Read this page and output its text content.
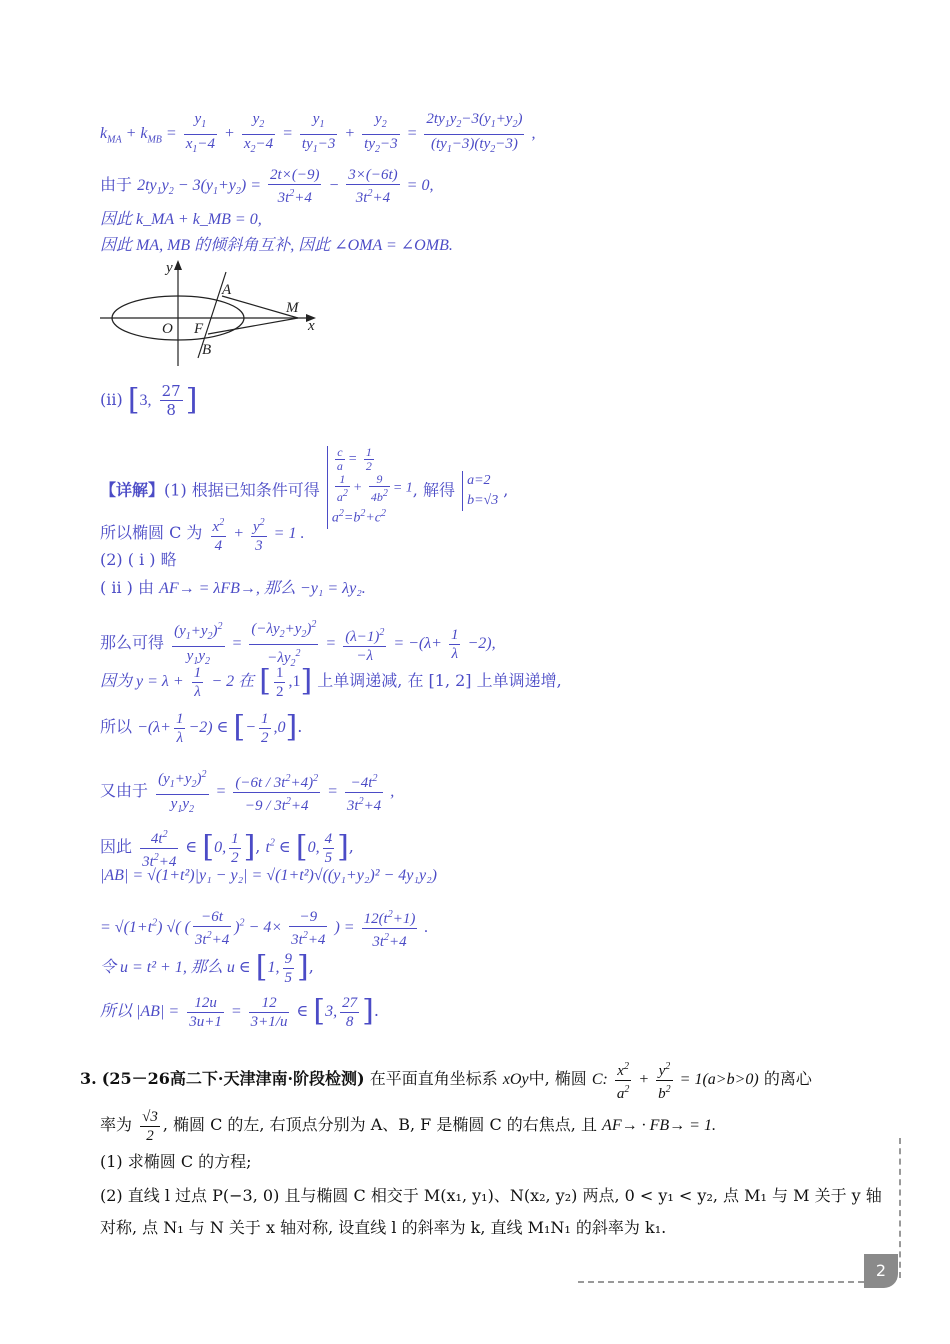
$k_{MA} + k_{MB} = \frac{y_1}{x_1-4} + \frac{y_2}{x_2-4} = \frac{y_1}{ty_1-3} + \frac{y_2}{ty_2-3} = \frac{2ty_1y_2-3(y_1+y_2)}{(ty_1-3)(ty_2-3)}$ ,
由于 $2ty_1y_2 - 3(y_1+y_2) = \frac{2t\times(-9)}{3t^2+4} - \frac{3\times(-6t)}{3t^2+4} = 0$,
因此 k_MA + k_MB = 0,
因此 MA, MB 的倾斜角互补, 因此 ∠OMA = ∠OMB.
y
x
O F
A
B
M
(ⅱ) [3, $\frac{27}{8}$ ]
【详解】(1) 根据已知条件可得
$\frac{c}{a} = \frac{1}{2}$
$\frac{1}{a^2} + \frac{9}{4b^2} = 1$
$a^2=b^2+c^2$
, 解得 a=2
b=√3
,
所以椭圆 C 为 $\frac{x^2}{4} + \frac{y^2}{3} = 1$ .
(2) ( ⅰ ) 略
( ⅱ ) 由 AF→ = λFB→, 那么 −y₁ = λy₂.
那么可得 $\frac{(y_1+y_2)^2}{y_1y_2} = \frac{(-\lambda y_2+y_2)^2}{-\lambda y_2^2} = \frac{(\lambda-1)^2}{-\lambda} = -(\lambda+ \frac{1}{\lambda} -2)$,
因为 $y = \lambda + \frac{1}{\lambda} - 2$ 在 [ $\frac{1}{2} ,1$] 上单调递减, 在 [1, 2] 上单调递增,
所以 $-(\lambda+ \frac{1}{\lambda} -2)$ ∈ [− $\frac{1}{2} ,0$].
又由于 $\frac{(y_1+y_2)^2}{y_1y_2} = \frac{(-6t / 3t^2+4)^2}{-9 / 3t^2+4} = \frac{-4t^2}{3t^2+4}$ ,
因此 $\frac{4t^2}{3t^2+4}$ ∈ [0, $\frac{1}{2}$ ], $t^2$ ∈ [0, $\frac{4}{5}$ ],
|AB| = √(1+t²)|y₁ − y₂| = √(1+t²)√((y₁+y₂)² − 4y₁y₂)
= $√(1+t^2)$ √( ( $\frac{-6t}{3t^2+4} )^2 - 4\times \frac{-9}{3t^2+4}$ ) = $\frac{12(t^2+1)}{3t^2+4}$ .
令 u = t² + 1, 那么 u ∈ [1, $\frac{9}{5}$ ],
所以 $|AB| = \frac{12u}{3u+1} = \frac{12}{3+1/u}$ ∈ [3, $\frac{27}{8}$ ].
3. (25－26高二下·天津津南·阶段检测) 在平面直角坐标系 xOy中, 椭圆 C: $\frac{x^2}{a^2} + \frac{y^2}{b^2} = 1(a>b>0)$ 的离心
率为 $\frac{√3}{2}$ , 椭圆 C 的左, 右顶点分别为 A、B, F 是椭圆 C 的右焦点, 且 AF→ · FB→ = 1.
(1) 求椭圆 C 的方程;
(2) 直线 l 过点 P(−3, 0) 且与椭圆 C 相交于 M(x₁, y₁)、N(x₂, y₂) 两点, 0 < y₁ < y₂, 点 M₁ 与 M 关于 y 轴
对称, 点 N₁ 与 N 关于 x 轴对称, 设直线 l 的斜率为 k, 直线 M₁N₁ 的斜率为 k₁.
2
